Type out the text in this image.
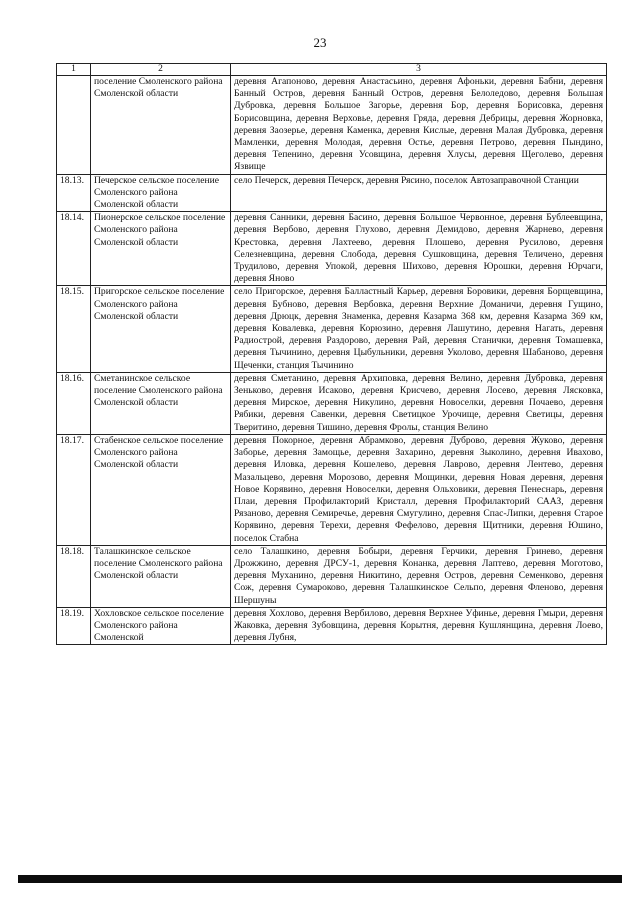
23
1	2	3
	поселение Смоленского района Смоленской области	деревня Агапоново, деревня Анастасьино, деревня Афоньки, деревня Бабни, деревня Банный Остров, деревня Банный Остров, деревня Белоледово, деревня Большая Дубровка, деревня Большое Загорье, деревня Бор, деревня Борисовка, деревня Борисовщина, деревня Верховье, деревня Гряда, деревня Дебрицы, деревня Жорновка, деревня Заозерье, деревня Каменка, деревня Кислые, деревня Малая Дубровка, деревня Мамленки, деревня Молодая, деревня Остье, деревня Петрово, деревня Пындино, деревня Тепенино, деревня Усовщина, деревня Хлусы, деревня Щеголево, деревня Язвище
18.13.	Печерское сельское поселение Смоленского района Смоленской области	село Печерск, деревня Печерск, деревня Рясино, поселок Автозаправочной Станции
18.14.	Пионерское сельское поселение Смоленского района Смоленской области	деревня Санники, деревня Басино, деревня Большое Червонное, деревня Бублеевщина, деревня Вербово, деревня Глухово, деревня Демидово, деревня Жарнево, деревня Крестовка, деревня Лахтеево, деревня Плошево, деревня Русилово, деревня Селезневщина, деревня Слобода, деревня Сушковщина, деревня Теличено, деревня Трудилово, деревня Упокой, деревня Шихово, деревня Юрошки, деревня Юрчаги, деревня Яново
18.15.	Пригорское сельское поселение Смоленского района Смоленской области	село Пригорское, деревня Балластный Карьер, деревня Боровики, деревня Борщевщина, деревня Бубново, деревня Вербовка, деревня Верхние Доманичи, деревня Гущино, деревня Дрюцк, деревня Знаменка, деревня Казарма 368 км, деревня Казарма 369 км, деревня Ковалевка, деревня Корюзино, деревня Лашутино, деревня Нагать, деревня Радиострой, деревня Раздорово, деревня Рай, деревня Станички, деревня Томашевка, деревня Тычинино, деревня Цыбульники, деревня Уколово, деревня Шабаново, деревня Щеченки, станция Тычинино
18.16.	Сметанинское сельское поселение Смоленского района Смоленской области	деревня Сметанино, деревня Архиповка, деревня Велино, деревня Дубровка, деревня Зеньково, деревня Исаково, деревня Крисчево, деревня Лосево, деревня Лясковка, деревня Мирское, деревня Никулино, деревня Новоселки, деревня Почаево, деревня Рябики, деревня Савенки, деревня Светицкое Урочище, деревня Светицы, деревня Тверитино, деревня Тишино, деревня Фролы, станция Велино
18.17.	Стабенское сельское поселение Смоленского района Смоленской области	деревня Покорное, деревня Абрамково, деревня Дуброво, деревня Жуково, деревня Заборье, деревня Замощье, деревня Захарино, деревня Зыколино, деревня Ивахово, деревня Иловка, деревня Кошелево, деревня Лаврово, деревня Лентево, деревня Мазальцево, деревня Морозово, деревня Мощинки, деревня Новая деревня, деревня Новое Корявино, деревня Новоселки, деревня Ольховики, деревня Пенеснарь, деревня Плаи, деревня Профилакторий Кристалл, деревня Профилакторий СААЗ, деревня Рязаново, деревня Семиречье, деревня Смугулино, деревня Спас-Липки, деревня Старое Корявино, деревня Терехи, деревня Фефелово, деревня Щитники, деревня Юшино, поселок Стабна
18.18.	Талашкинское сельское поселение Смоленского района Смоленской области	село Талашкино, деревня Бобыри, деревня Герчики, деревня Гринево, деревня Дрожжино, деревня ДРСУ-1, деревня Конанка, деревня Лаптево, деревня Моготово, деревня Муханино, деревня Никитино, деревня Остров, деревня Семенково, деревня Сож, деревня Сумароково, деревня Талашкинское Сельпо, деревня Фленово, деревня Шершуны
18.19.	Хохловское сельское поселение Смоленского района Смоленской	деревня Хохлово, деревня Вербилово, деревня Верхнее Уфинье, деревня Гмыри, деревня Жаковка, деревня Зубовщина, деревня Корытня, деревня Кушлянщина, деревня Лоево, деревня Лубня,
